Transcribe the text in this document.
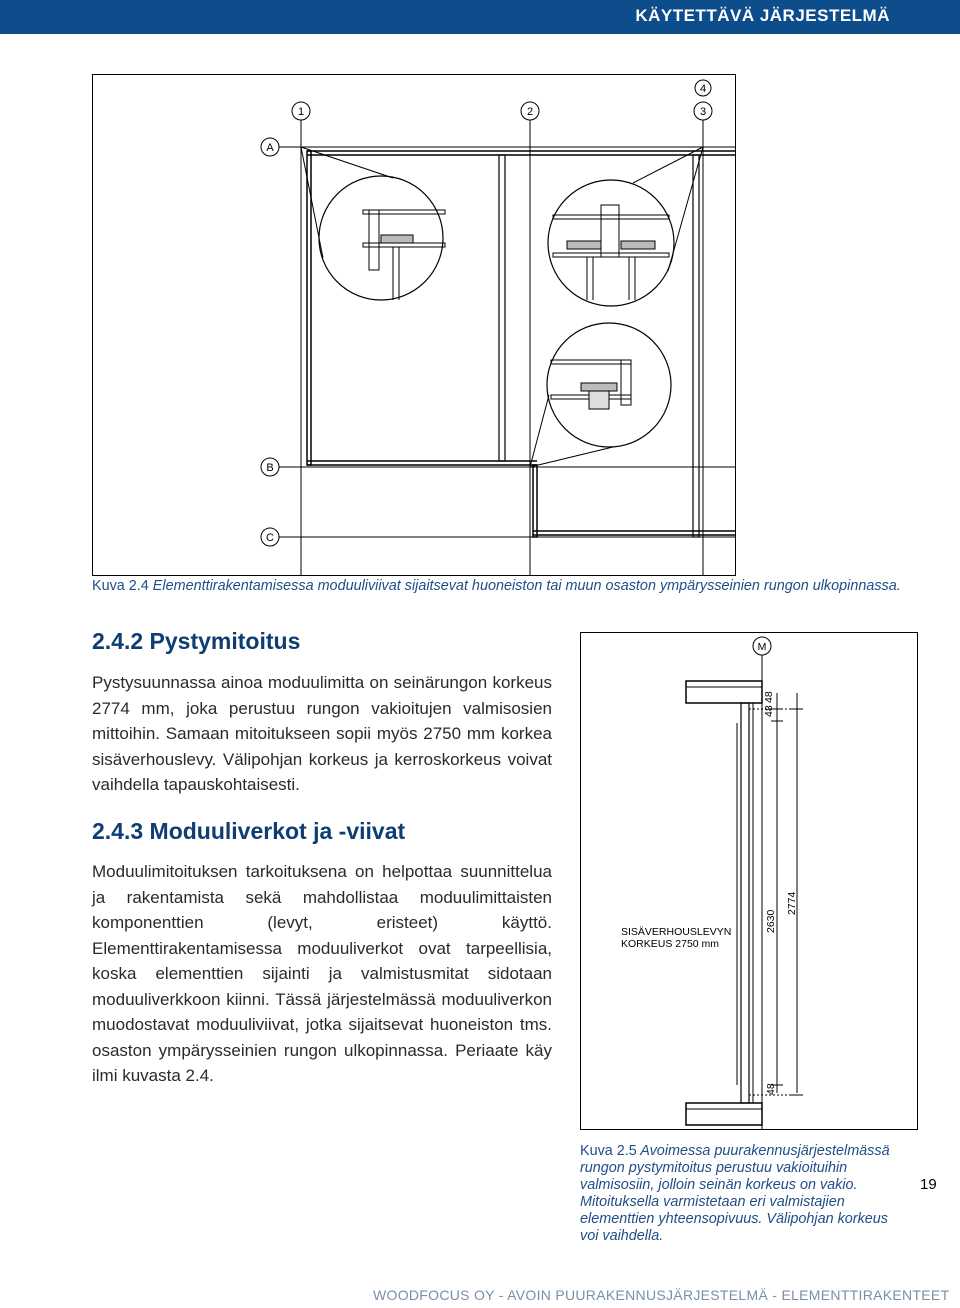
KÄYTETTÄVÄ JÄRJESTELMÄ
1	2	3
4
A
B
C
Kuva 2.4 Elementtirakentamisessa moduuliviivat sijaitsevat huoneiston tai muun osaston ympärysseinien rungon ulkopinnassa.
2.4.2 Pystymitoitus
Pystysuunnassa ainoa moduulimitta on seinärungon korkeus 2774 mm, joka perustuu rungon vakioitujen valmisosien mittoihin. Samaan mitoitukseen sopii myös 2750 mm korkea sisäverhouslevy. Välipohjan korkeus ja kerroskorkeus voivat vaihdella tapauskohtaisesti.
2.4.3 Moduuliverkot ja -viivat
Moduulimitoituksen tarkoituksena on helpottaa suunnittelua ja rakentamista sekä mahdollistaa moduulimittaisten komponenttien (levyt, eristeet) käyttö. Elementtirakentamisessa moduuliverkot ovat tarpeellisia, koska elementtien sijainti ja valmistusmitat sidotaan moduuliverkkoon kiinni. Tässä järjestelmässä moduuliverkon muodostavat moduuliviivat, jotka sijaitsevat huoneiston tms. osaston ympärysseinien rungon ulkopinnassa. Periaate käy ilmi kuvasta 2.4.
M
48
48
2630
2774
48
SISÄVERHOUSLEVYN
KORKEUS 2750 mm
Kuva 2.5 Avoimessa puurakennusjärjestelmässä rungon pystymitoitus perustuu vakioituihin valmisosiin, jolloin seinän korkeus on vakio. Mitoituksella varmistetaan eri valmistajien elementtien yhteensopivuus. Välipohjan korkeus voi vaihdella.
19
WOODFOCUS OY - AVOIN PUURAKENNUSJÄRJESTELMÄ - ELEMENTTIRAKENTEET
